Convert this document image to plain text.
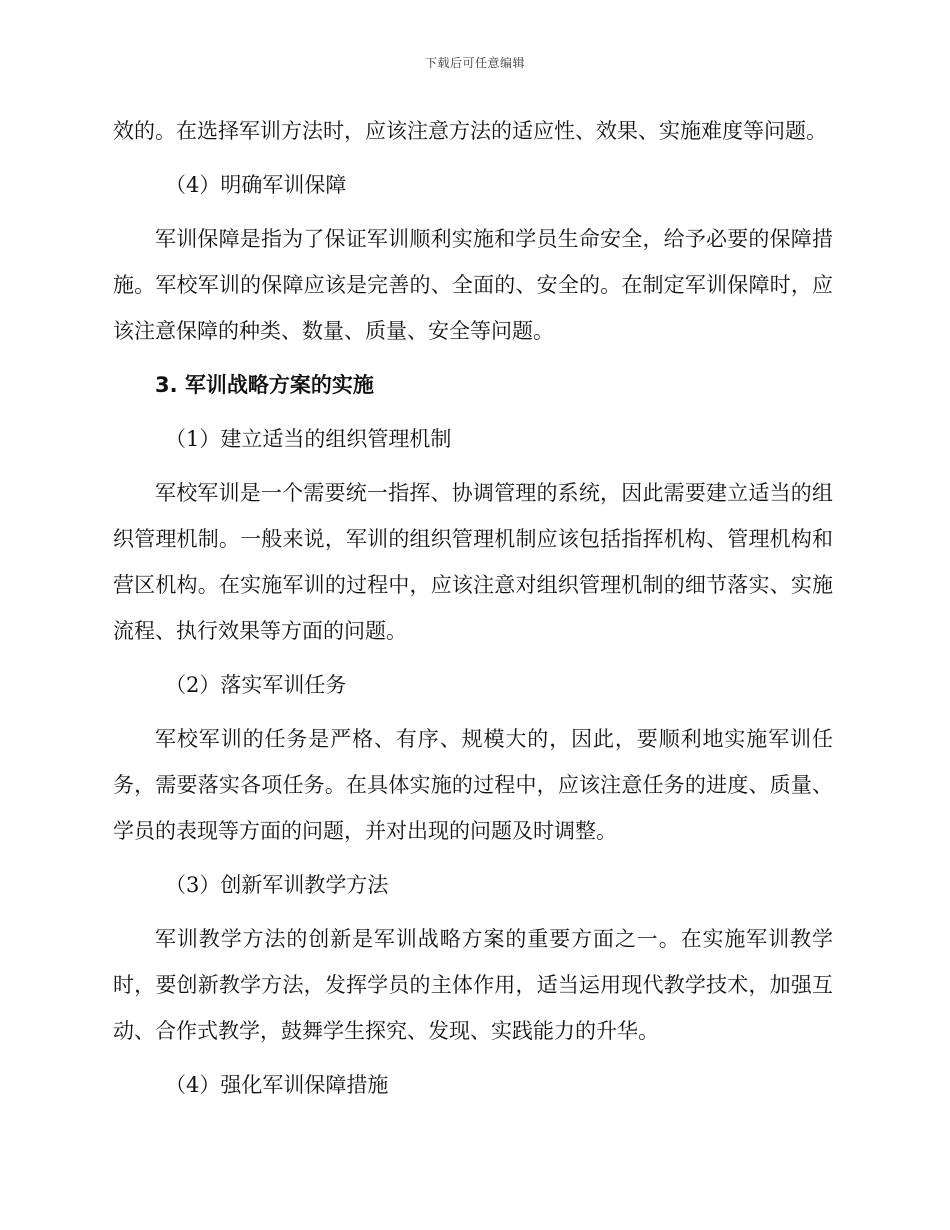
下载后可任意编辑

效的。在选择军训方法时，应该注意方法的适应性、效果、实施难度等问题。

（4）明确军训保障

军训保障是指为了保证军训顺利实施和学员生命安全，给予必要的保障措施。军校军训的保障应该是完善的、全面的、安全的。在制定军训保障时，应该注意保障的种类、数量、质量、安全等问题。

3. 军训战略方案的实施

（1）建立适当的组织管理机制

军校军训是一个需要统一指挥、协调管理的系统，因此需要建立适当的组织管理机制。一般来说，军训的组织管理机制应该包括指挥机构、管理机构和营区机构。在实施军训的过程中，应该注意对组织管理机制的细节落实、实施流程、执行效果等方面的问题。

（2）落实军训任务

军校军训的任务是严格、有序、规模大的，因此，要顺利地实施军训任务，需要落实各项任务。在具体实施的过程中，应该注意任务的进度、质量、学员的表现等方面的问题，并对出现的问题及时调整。

（3）创新军训教学方法

军训教学方法的创新是军训战略方案的重要方面之一。在实施军训教学时，要创新教学方法，发挥学员的主体作用，适当运用现代教学技术，加强互动、合作式教学，鼓舞学生探究、发现、实践能力的升华。

（4）强化军训保障措施
